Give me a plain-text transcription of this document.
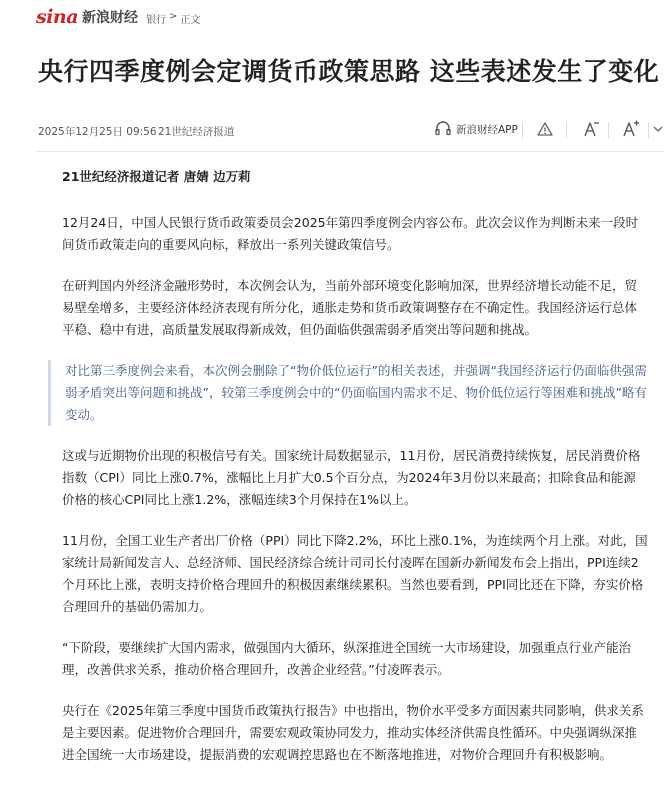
sina 新浪财经 银行 > 正文
央行四季度例会定调货币政策思路 这些表述发生了变化
2025年12月25日 09:56 21世纪经济报道	新浪财经APP

21世纪经济报道记者 唐婧 边万莉

12月24日，中国人民银行货币政策委员会2025年第四季度例会内容公布。此次会议作为判断未来一段时间货币政策走向的重要风向标，释放出一系列关键政策信号。

在研判国内外经济金融形势时，本次例会认为，当前外部环境变化影响加深，世界经济增长动能不足，贸易壁垒增多，主要经济体经济表现有所分化，通胀走势和货币政策调整存在不确定性。我国经济运行总体平稳、稳中有进，高质量发展取得新成效，但仍面临供强需弱矛盾突出等问题和挑战。

对比第三季度例会来看，本次例会删除了“物价低位运行”的相关表述，并强调“我国经济运行仍面临供强需弱矛盾突出等问题和挑战”，较第三季度例会中的“仍面临国内需求不足、物价低位运行等困难和挑战”略有变动。

这或与近期物价出现的积极信号有关。国家统计局数据显示，11月份，居民消费持续恢复，居民消费价格指数（CPI）同比上涨0.7%，涨幅比上月扩大0.5个百分点，为2024年3月份以来最高；扣除食品和能源价格的核心CPI同比上涨1.2%，涨幅连续3个月保持在1%以上。

11月份，全国工业生产者出厂价格（PPI）同比下降2.2%，环比上涨0.1%，为连续两个月上涨。对此，国家统计局新闻发言人、总经济师、国民经济综合统计司司长付凌晖在国新办新闻发布会上指出，PPI连续2个月环比上涨，表明支持价格合理回升的积极因素继续累积。当然也要看到，PPI同比还在下降，夯实价格合理回升的基础仍需加力。

“下阶段，要继续扩大国内需求，做强国内大循环，纵深推进全国统一大市场建设，加强重点行业产能治理，改善供求关系，推动价格合理回升，改善企业经营。”付凌晖表示。

央行在《2025年第三季度中国货币政策执行报告》中也指出，物价水平受多方面因素共同影响，供求关系是主要因素。促进物价合理回升，需要宏观政策协同发力，推动实体经济供需良性循环。中央强调纵深推进全国统一大市场建设，提振消费的宏观调控思路也在不断落地推进，对物价合理回升有积极影响。
